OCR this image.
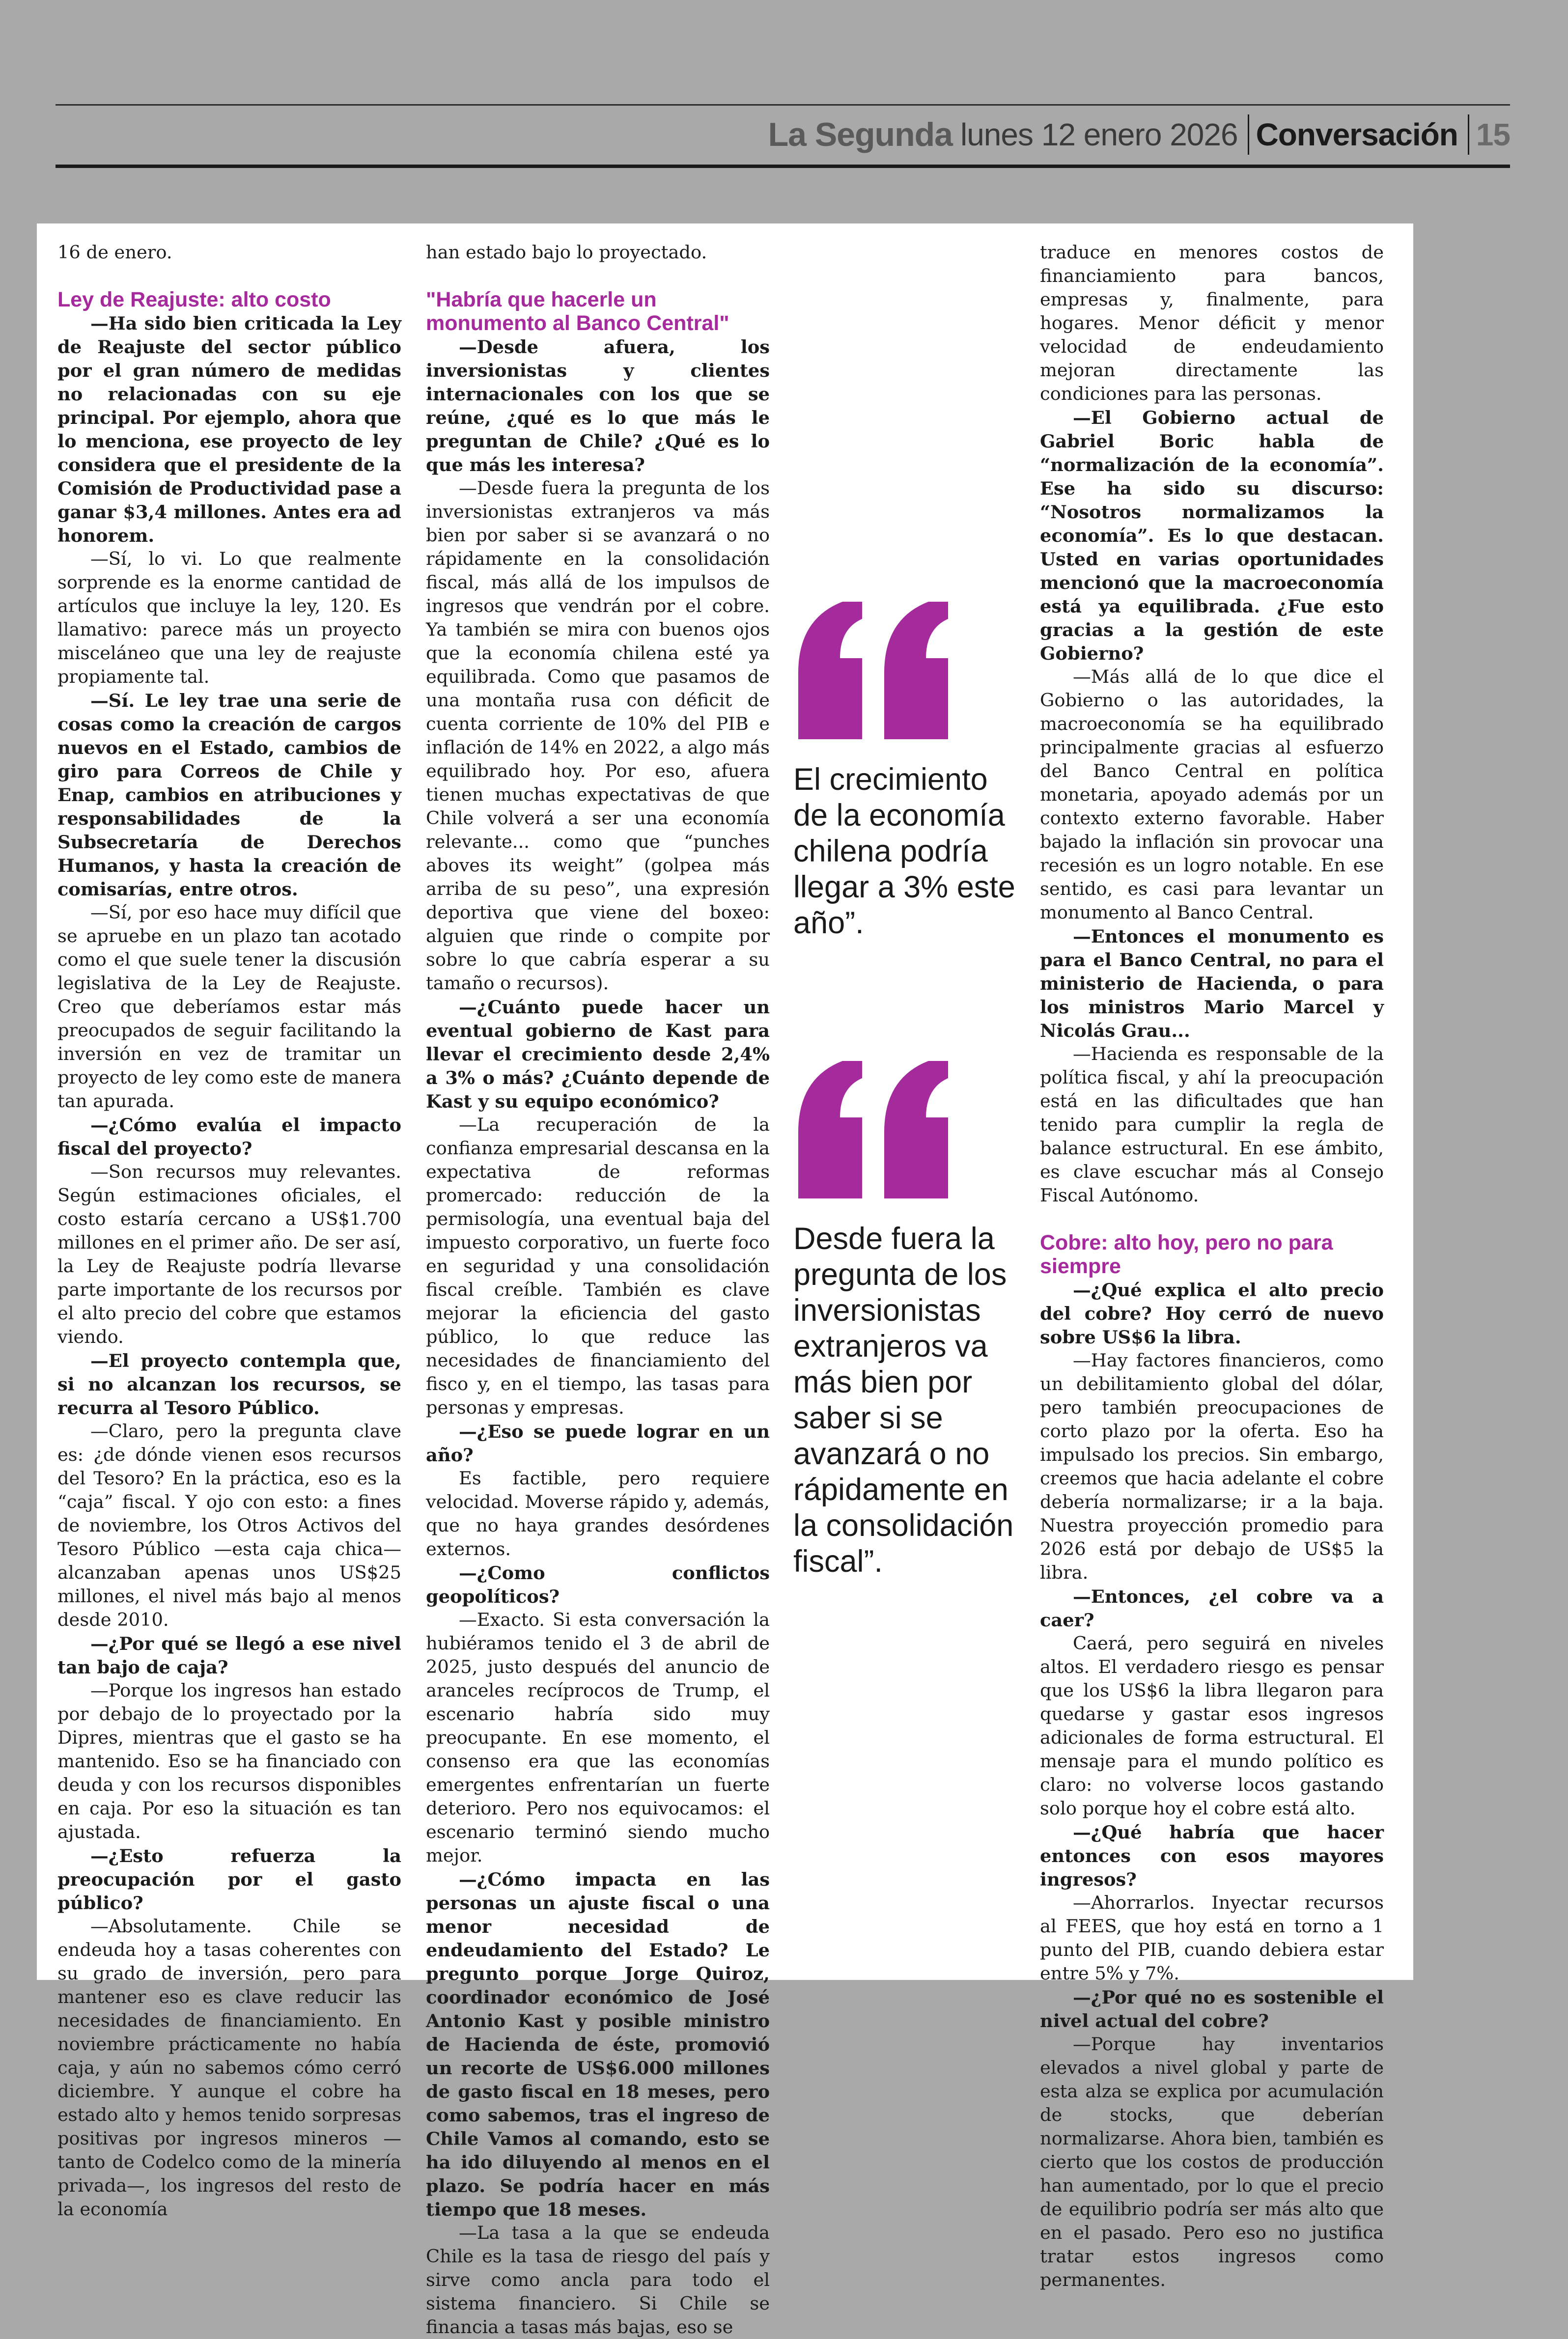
La Segunda lunes 12 enero 2026 Conversación 15

16 de enero.

Ley de Reajuste: alto costo

—Ha sido bien criticada la Ley de Reajuste del sector público por el gran número de medidas no relacionadas con su eje principal. Por ejemplo, ahora que lo menciona, ese proyecto de ley considera que el presidente de la Comisión de Productividad pase a ganar $3,4 millones. Antes era ad honorem.

—Sí, lo vi. Lo que realmente sorprende es la enorme cantidad de artículos que incluye la ley, 120. Es llamativo: parece más un proyecto misceláneo que una ley de reajuste propiamente tal.

—Sí. Le ley trae una serie de cosas como la creación de cargos nuevos en el Estado, cambios de giro para Correos de Chile y Enap, cambios en atribuciones y responsabilidades de la Subsecretaría de Derechos Humanos, y hasta la creación de comisarías, entre otros.

—Sí, por eso hace muy difícil que se apruebe en un plazo tan acotado como el que suele tener la discusión legislativa de la Ley de Reajuste. Creo que deberíamos estar más preocupados de seguir facilitando la inversión en vez de tramitar un proyecto de ley como este de manera tan apurada.

—¿Cómo evalúa el impacto fiscal del proyecto?

—Son recursos muy relevantes. Según estimaciones oficiales, el costo estaría cercano a US$1.700 millones en el primer año. De ser así, la Ley de Reajuste podría llevarse parte importante de los recursos por el alto precio del cobre que estamos viendo.

—El proyecto contempla que, si no alcanzan los recursos, se recurra al Tesoro Público.

—Claro, pero la pregunta clave es: ¿de dónde vienen esos recursos del Tesoro? En la práctica, eso es la “caja” fiscal. Y ojo con esto: a fines de noviembre, los Otros Activos del Tesoro Público —esta caja chica— alcanzaban apenas unos US$25 millones, el nivel más bajo al menos desde 2010.

—¿Por qué se llegó a ese nivel tan bajo de caja?

—Porque los ingresos han estado por debajo de lo proyectado por la Dipres, mientras que el gasto se ha mantenido. Eso se ha financiado con deuda y con los recursos disponibles en caja. Por eso la situación es tan ajustada.

—¿Esto refuerza la preocupación por el gasto público?

—Absolutamente. Chile se endeuda hoy a tasas coherentes con su grado de inversión, pero para mantener eso es clave reducir las necesidades de financiamiento. En noviembre prácticamente no había caja, y aún no sabemos cómo cerró diciembre. Y aunque el cobre ha estado alto y hemos tenido sorpresas positivas por ingresos mineros —tanto de Codelco como de la minería privada—, los ingresos del resto de la economía

han estado bajo lo proyectado.

"Habría que hacerle un monumento al Banco Central"

—Desde afuera, los inversionistas y clientes internacionales con los que se reúne, ¿qué es lo que más le preguntan de Chile? ¿Qué es lo que más les interesa?

—Desde fuera la pregunta de los inversionistas extranjeros va más bien por saber si se avanzará o no rápidamente en la consolidación fiscal, más allá de los impulsos de ingresos que vendrán por el cobre. Ya también se mira con buenos ojos que la economía chilena esté ya equilibrada. Como que pasamos de una montaña rusa con déficit de cuenta corriente de 10% del PIB e inflación de 14% en 2022, a algo más equilibrado hoy. Por eso, afuera tienen muchas expectativas de que Chile volverá a ser una economía relevante... como que “punches aboves its weight” (golpea más arriba de su peso”, una expresión deportiva que viene del boxeo: alguien que rinde o compite por sobre lo que cabría esperar a su tamaño o recursos).

—¿Cuánto puede hacer un eventual gobierno de Kast para llevar el crecimiento desde 2,4% a 3% o más? ¿Cuánto depende de Kast y su equipo económico?

—La recuperación de la confianza empresarial descansa en la expectativa de reformas promercado: reducción de la permisología, una eventual baja del impuesto corporativo, un fuerte foco en seguridad y una consolidación fiscal creíble. También es clave mejorar la eficiencia del gasto público, lo que reduce las necesidades de financiamiento del fisco y, en el tiempo, las tasas para personas y empresas.

—¿Eso se puede lograr en un año?

Es factible, pero requiere velocidad. Moverse rápido y, además, que no haya grandes desórdenes externos.

—¿Como conflictos geopolíticos?

—Exacto. Si esta conversación la hubiéramos tenido el 3 de abril de 2025, justo después del anuncio de aranceles recíprocos de Trump, el escenario habría sido muy preocupante. En ese momento, el consenso era que las economías emergentes enfrentarían un fuerte deterioro. Pero nos equivocamos: el escenario terminó siendo mucho mejor.

—¿Cómo impacta en las personas un ajuste fiscal o una menor necesidad de endeudamiento del Estado? Le pregunto porque Jorge Quiroz, coordinador económico de José Antonio Kast y posible ministro de Hacienda de éste, promovió un recorte de US$6.000 millones de gasto fiscal en 18 meses, pero como sabemos, tras el ingreso de Chile Vamos al comando, esto se ha ido diluyendo al menos en el plazo. Se podría hacer en más tiempo que 18 meses.

—La tasa a la que se endeuda Chile es la tasa de riesgo del país y sirve como ancla para todo el sistema financiero. Si Chile se financia a tasas más bajas, eso se

El crecimiento de la economía chilena podría llegar a 3% este año”.
Desde fuera la pregunta de los inversionistas extranjeros va más bien por saber si se avanzará o no rápidamente en la consolidación fiscal”.

traduce en menores costos de financiamiento para bancos, empresas y, finalmente, para hogares. Menor déficit y menor velocidad de endeudamiento mejoran directamente las condiciones para las personas.

—El Gobierno actual de Gabriel Boric habla de “normalización de la economía”. Ese ha sido su discurso: “Nosotros normalizamos la economía”. Es lo que destacan. Usted en varias oportunidades mencionó que la macroeconomía está ya equilibrada. ¿Fue esto gracias a la gestión de este Gobierno?

—Más allá de lo que dice el Gobierno o las autoridades, la macroeconomía se ha equilibrado principalmente gracias al esfuerzo del Banco Central en política monetaria, apoyado además por un contexto externo favorable. Haber bajado la inflación sin provocar una recesión es un logro notable. En ese sentido, es casi para levantar un monumento al Banco Central.

—Entonces el monumento es para el Banco Central, no para el ministerio de Hacienda, o para los ministros Mario Marcel y Nicolás Grau...

—Hacienda es responsable de la política fiscal, y ahí la preocupación está en las dificultades que han tenido para cumplir la regla de balance estructural. En ese ámbito, es clave escuchar más al Consejo Fiscal Autónomo.

Cobre: alto hoy, pero no para siempre

—¿Qué explica el alto precio del cobre? Hoy cerró de nuevo sobre US$6 la libra.

—Hay factores financieros, como un debilitamiento global del dólar, pero también preocupaciones de corto plazo por la oferta. Eso ha impulsado los precios. Sin embargo, creemos que hacia adelante el cobre debería normalizarse; ir a la baja. Nuestra proyección promedio para 2026 está por debajo de US$5 la libra.

—Entonces, ¿el cobre va a caer?

Caerá, pero seguirá en niveles altos. El verdadero riesgo es pensar que los US$6 la libra llegaron para quedarse y gastar esos ingresos adicionales de forma estructural. El mensaje para el mundo político es claro: no volverse locos gastando solo porque hoy el cobre está alto.

—¿Qué habría que hacer entonces con esos mayores ingresos?

—Ahorrarlos. Inyectar recursos al FEES, que hoy está en torno a 1 punto del PIB, cuando debiera estar entre 5% y 7%.

—¿Por qué no es sostenible el nivel actual del cobre?

—Porque hay inventarios elevados a nivel global y parte de esta alza se explica por acumulación de stocks, que deberían normalizarse. Ahora bien, también es cierto que los costos de producción han aumentado, por lo que el precio de equilibrio podría ser más alto que en el pasado. Pero eso no justifica tratar estos ingresos como permanentes.
